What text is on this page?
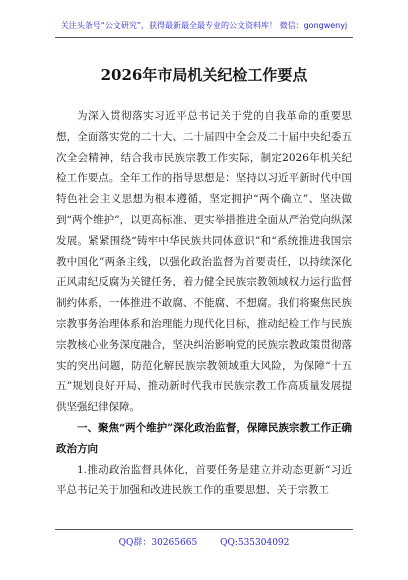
关注头条号“公文研究”，获得最新最全最专业的公文资料库！ 微信：gongwenyj
2026年市局机关纪检工作要点

为深入贯彻落实习近平总书记关于党的自我革命的重要思想，全面落实党的二十大、二十届四中全会及二十届中央纪委五次全会精神，结合我市民族宗教工作实际，制定2026年机关纪检工作要点。全年工作的指导思想是：坚持以习近平新时代中国特色社会主义思想为根本遵循，坚定拥护“两个确立”、坚决做到“两个维护”，以更高标准、更实举措推进全面从严治党向纵深发展。紧紧围绕“铸牢中华民族共同体意识”和“系统推进我国宗教中国化”两条主线，以强化政治监督为首要责任，以持续深化正风肃纪反腐为关键任务，着力健全民族宗教领域权力运行监督制约体系，一体推进不敢腐、不能腐、不想腐。我们将聚焦民族宗教事务治理体系和治理能力现代化目标，推动纪检工作与民族宗教核心业务深度融合，坚决纠治影响党的民族宗教政策贯彻落实的突出问题，防范化解民族宗教领域重大风险，为保障“十五五”规划良好开局、推动新时代我市民族宗教工作高质量发展提供坚强纪律保障。

一、聚焦“两个维护”深化政治监督，保障民族宗教工作正确政治方向

1.推动政治监督具体化，首要任务是建立并动态更新“习近平总书记关于加强和改进民族工作的重要思想、关于宗教工

QQ群：30265665	QQ:535304092
